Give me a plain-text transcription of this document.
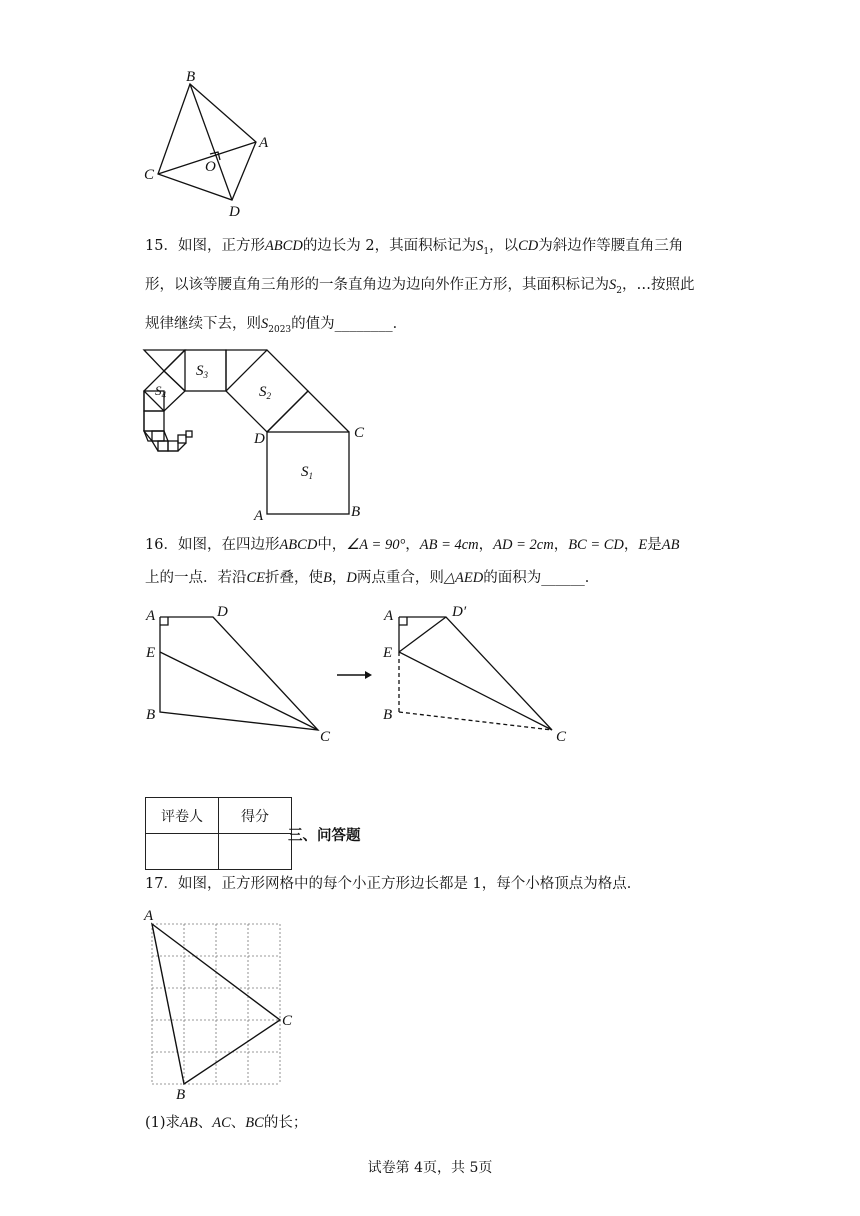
B
A
C	O
D
15．如图，正方形ABCD的边长为 2，其面积标记为$S_1$，以CD为斜边作等腰直角三角
形，以该等腰直角三角形的一条直角边为边向外作正方形，其面积标记为$S_2$，…按照此
规律继续下去，则$S_{2023}$的值为________．
$S_3$
$S_2$
$S_1$
$S_4$
D	C
A	B
16．如图，在四边形ABCD中，∠A = 90°，AB = 4cm，AD = 2cm，BC = CD，E是AB
上的一点．若沿CE折叠，使B，D两点重合，则△AED的面积为______．
A	D
E
B
C
A	D′
E
B
C
评卷人	得分

三、问答题
17．如图，正方形网格中的每个小正方形边长都是 1，每个小格顶点为格点．
A
C
B
(1)求AB、AC、BC的长；
试卷第 4页，共 5页
